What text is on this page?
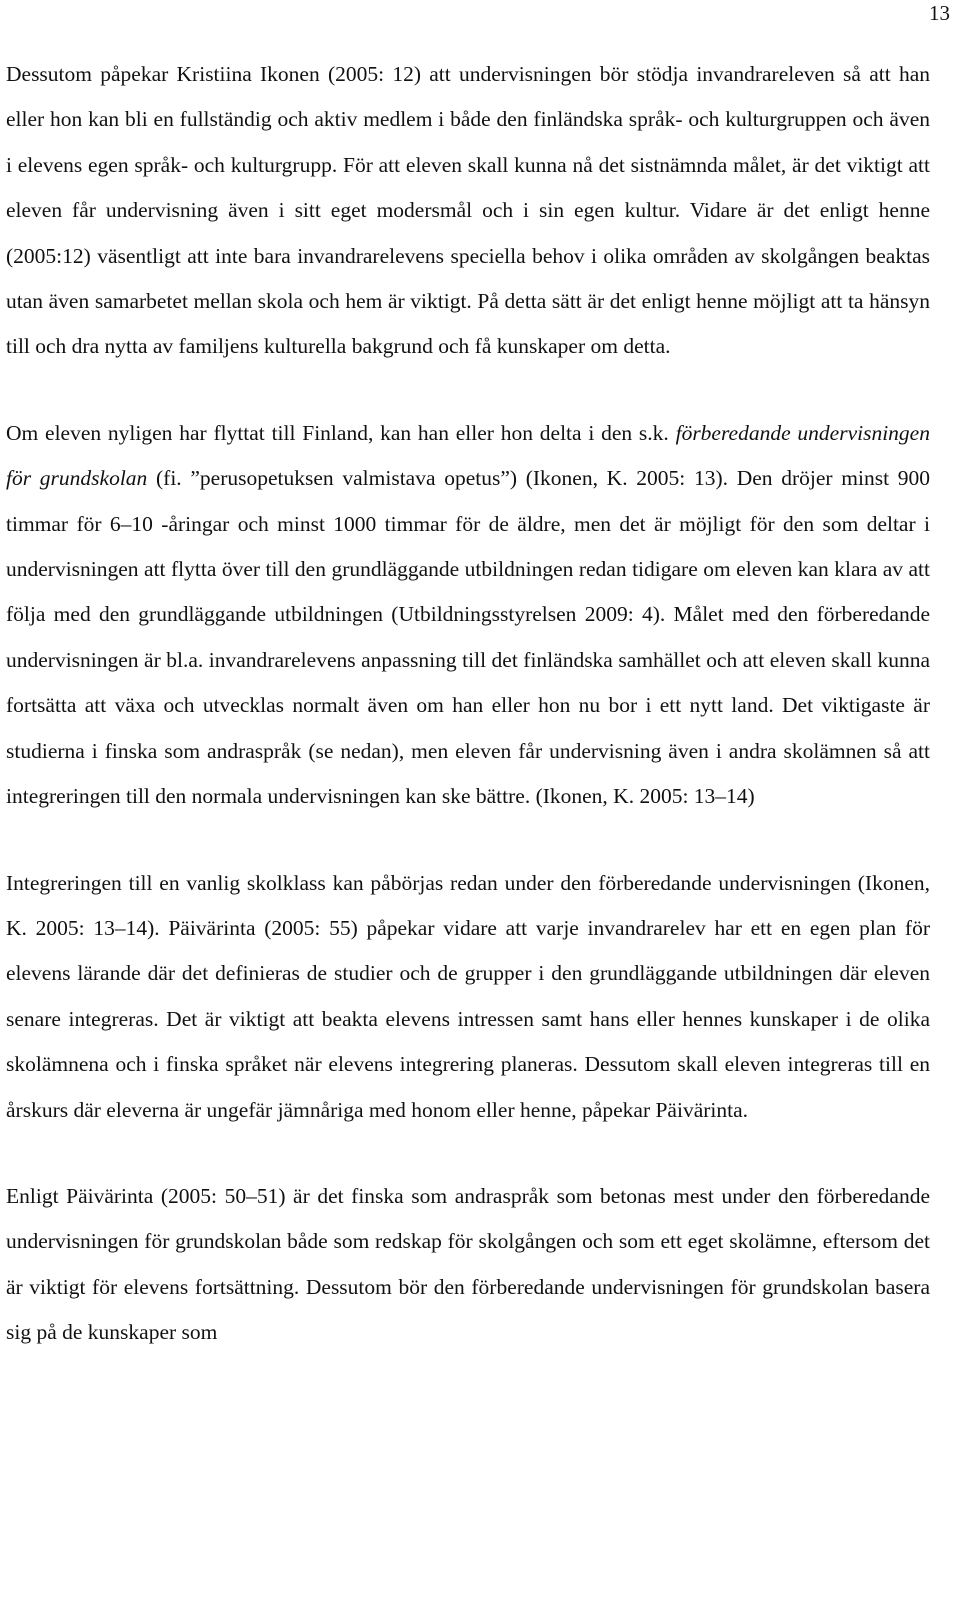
13

Dessutom påpekar Kristiina Ikonen (2005: 12) att undervisningen bör stödja invandrareleven så att han eller hon kan bli en fullständig och aktiv medlem i både den finländska språk- och kulturgruppen och även i elevens egen språk- och kulturgrupp. För att eleven skall kunna nå det sistnämnda målet, är det viktigt att eleven får undervisning även i sitt eget modersmål och i sin egen kultur. Vidare är det enligt henne (2005:12) väsentligt att inte bara invandrarelevens speciella behov i olika områden av skolgången beaktas utan även samarbetet mellan skola och hem är viktigt. På detta sätt är det enligt henne möjligt att ta hänsyn till och dra nytta av familjens kulturella bakgrund och få kunskaper om detta.

Om eleven nyligen har flyttat till Finland, kan han eller hon delta i den s.k. förberedande undervisningen för grundskolan (fi. ”perusopetuksen valmistava opetus”) (Ikonen, K. 2005: 13). Den dröjer minst 900 timmar för 6–10 -åringar och minst 1000 timmar för de äldre, men det är möjligt för den som deltar i undervisningen att flytta över till den grundläggande utbildningen redan tidigare om eleven kan klara av att följa med den grundläggande utbildningen (Utbildningsstyrelsen 2009: 4). Målet med den förberedande undervisningen är bl.a. invandrarelevens anpassning till det finländska samhället och att eleven skall kunna fortsätta att växa och utvecklas normalt även om han eller hon nu bor i ett nytt land. Det viktigaste är studierna i finska som andraspråk (se nedan), men eleven får undervisning även i andra skolämnen så att integreringen till den normala undervisningen kan ske bättre. (Ikonen, K. 2005: 13–14)

Integreringen till en vanlig skolklass kan påbörjas redan under den förberedande undervisningen (Ikonen, K. 2005: 13–14). Päivärinta (2005: 55) påpekar vidare att varje invandrarelev har ett en egen plan för elevens lärande där det definieras de studier och de grupper i den grundläggande utbildningen där eleven senare integreras. Det är viktigt att beakta elevens intressen samt hans eller hennes kunskaper i de olika skolämnena och i finska språket när elevens integrering planeras. Dessutom skall eleven integreras till en årskurs där eleverna är ungefär jämnåriga med honom eller henne, påpekar Päivärinta.

Enligt Päivärinta (2005: 50–51) är det finska som andraspråk som betonas mest under den förberedande undervisningen för grundskolan både som redskap för skolgången och som ett eget skolämne, eftersom det är viktigt för elevens fortsättning. Dessutom bör den förberedande undervisningen för grundskolan basera sig på de kunskaper som
